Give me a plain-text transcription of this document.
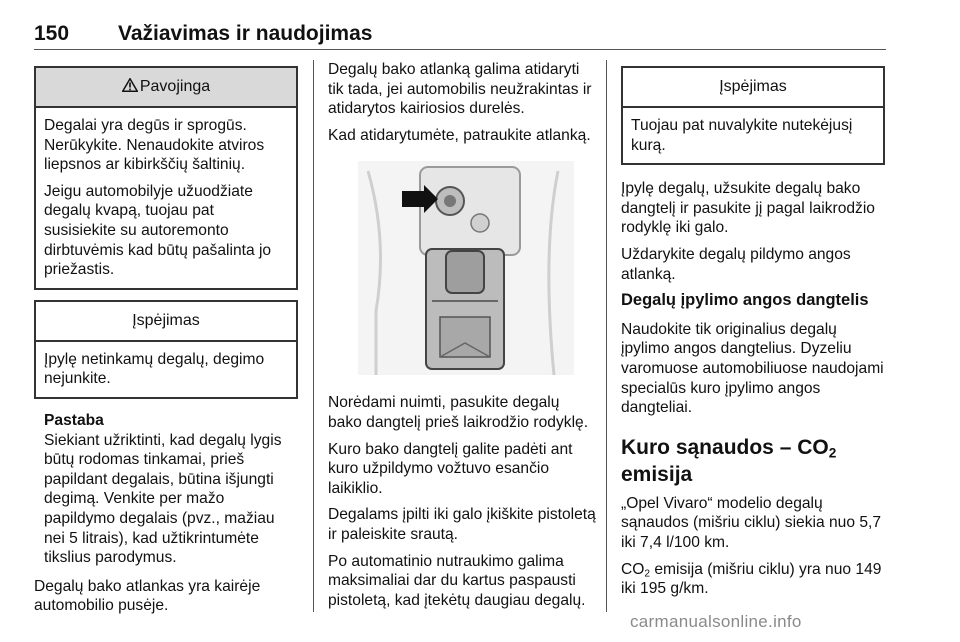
150 Važiavimas ir naudojimas
Pavojinga

Degalai yra degūs ir sprogūs. Nerūkykite. Nenaudokite atviros liepsnos ar kibirkščių šaltinių.

Jeigu automobilyje užuodžiate degalų kvapą, tuojau pat susisiekite su autoremonto dirbtuvėmis kad būtų pašalinta jo priežastis.

Įspėjimas

Įpylę netinkamų degalų, degimo nejunkite.

Pastaba
Siekiant užriktinti, kad degalų lygis būtų rodomas tinkamai, prieš papildant degalais, būtina išjungti degimą. Venkite per mažo papildymo degalais (pvz., mažiau nei 5 litrais), kad užtikrintumėte tikslius parodymus.

Degalų bako atlankas yra kairėje automobilio pusėje.

Degalų bako atlanką galima atidaryti tik tada, jei automobilis neužrakintas ir atidarytos kairiosios durelės.

Kad atidarytumėte, patraukite atlanką.

Norėdami nuimti, pasukite degalų bako dangtelį prieš laikrodžio rodyklę.

Kuro bako dangtelį galite padėti ant kuro užpildymo vožtuvo esančio laikiklio.

Degalams įpilti iki galo įkiškite pistoletą ir paleiskite srautą.

Po automatinio nutraukimo galima maksimaliai dar du kartus paspausti pistoletą, kad įtekėtų daugiau degalų.

Įspėjimas

Tuojau pat nuvalykite nutekėjusį kurą.

Įpylę degalų, užsukite degalų bako dangtelį ir pasukite jį pagal laikrodžio rodyklę iki galo.

Uždarykite degalų pildymo angos atlanką.

Degalų įpylimo angos dangtelis

Naudokite tik originalius degalų įpylimo angos dangtelius. Dyzeliu varomuose automobiliuose naudojami specialūs kuro įpylimo angos dangteliai.

Kuro sąnaudos – $CO_2$
emisija

„Opel Vivaro“ modelio degalų sąnaudos (mišriu ciklu) siekia nuo 5,7 iki 7,4 l/100 km.

$CO_2$ emisija (mišriu ciklu) yra nuo 149 iki 195 g/km.

carmanualsonline.info
